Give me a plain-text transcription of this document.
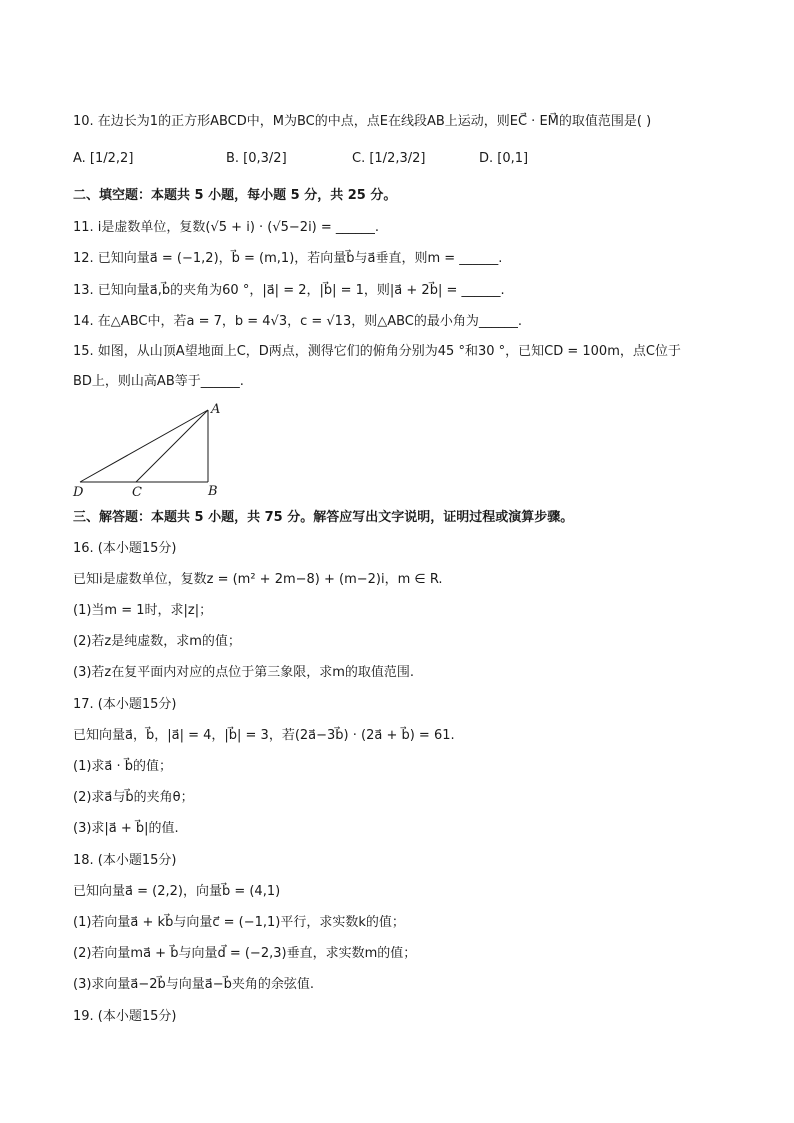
10. 在边长为1的正方形ABCD中，M为BC的中点，点E在线段AB上运动，则EC⃗ · EM⃗的取值范围是( )
A. [1/2,2]	B. [0,3/2]	C. [1/2,3/2]	D. [0,1]
二、填空题：本题共 5 小题，每小题 5 分，共 25 分。
11. i是虚数单位，复数(√5 + i) · (√5−2i) = ______.
12. 已知向量a⃗ = (−1,2)，b⃗ = (m,1)，若向量b⃗与a⃗垂直，则m = ______.
13. 已知向量a⃗,b⃗的夹角为60 °，|a⃗| = 2，|b⃗| = 1，则|a⃗ + 2b⃗| = ______.
14. 在△ABC中，若a = 7，b = 4√3，c = √13，则△ABC的最小角为______.
15. 如图，从山顶A望地面上C，D两点，测得它们的俯角分别为45 °和30 °，已知CD = 100m，点C位于
BD上，则山高AB等于______.
A
B
C
D
三、解答题：本题共 5 小题，共 75 分。解答应写出文字说明，证明过程或演算步骤。
16. (本小题15分)
已知i是虚数单位，复数z = (m² + 2m−8) + (m−2)i，m ∈ R.
(1)当m = 1时，求|z|；
(2)若z是纯虚数，求m的值；
(3)若z在复平面内对应的点位于第三象限，求m的取值范围.
17. (本小题15分)
已知向量a⃗，b⃗，|a⃗| = 4，|b⃗| = 3，若(2a⃗−3b⃗) · (2a⃗ + b⃗) = 61.
(1)求a⃗ · b⃗的值；
(2)求a⃗与b⃗的夹角θ；
(3)求|a⃗ + b⃗|的值.
18. (本小题15分)
已知向量a⃗ = (2,2)，向量b⃗ = (4,1)
(1)若向量a⃗ + kb⃗与向量c⃗ = (−1,1)平行，求实数k的值；
(2)若向量ma⃗ + b⃗与向量d⃗ = (−2,3)垂直，求实数m的值；
(3)求向量a⃗−2b⃗与向量a⃗−b⃗夹角的余弦值.
19. (本小题15分)
